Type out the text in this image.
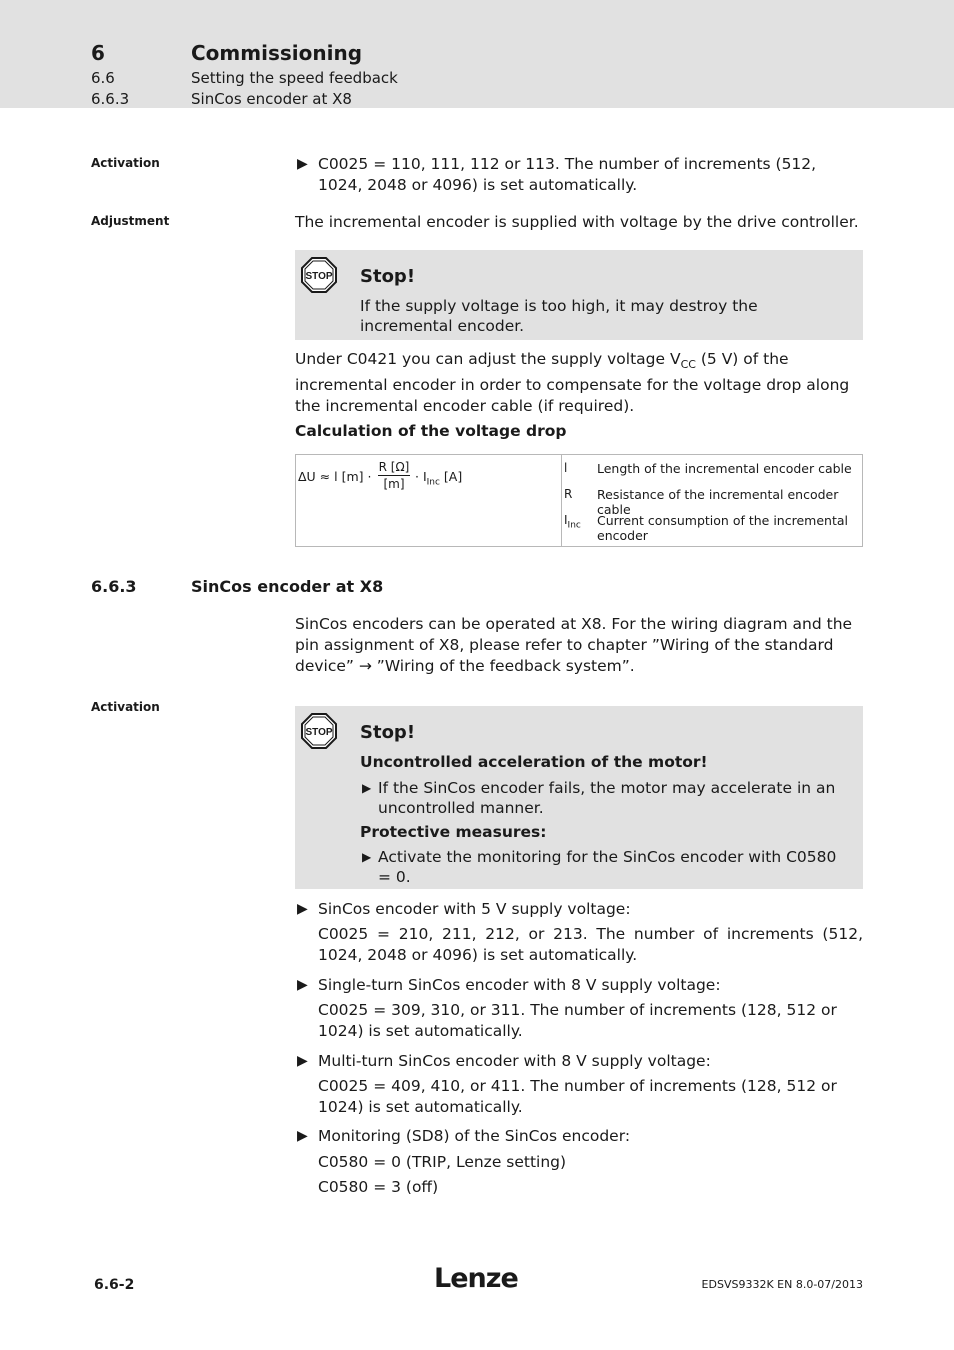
6	Commissioning
6.6	Setting the speed feedback
6.6.3	SinCos encoder at X8
Activation
Adjustment
Activation
▶ C0025 = 110, 111, 112 or 113. The number of increments (512, 1024, 2048 or 4096) is set automatically.
The incremental encoder is supplied with voltage by the drive controller.
STOP Stop!
If the supply voltage is too high, it may destroy the incremental encoder.
Under C0421 you can adjust the supply voltage $V_{CC}$ (5 V) of the incremental encoder in order to compensate for the voltage drop along the incremental encoder cable (if required).
Calculation of the voltage drop
ΔU ≈ l $[m] \cdot \frac{R [\Omega]}{[m]} \cdot I_{Inc}$ [A]
l Length of the incremental encoder cable
R Resistance of the incremental encoder cable
$I_{Inc}$ Current consumption of the incremental encoder
6.6.3	SinCos encoder at X8
SinCos encoders can be operated at X8. For the wiring diagram and the pin assignment of X8, please refer to chapter ”Wiring of the standard device” → ”Wiring of the feedback system”.
STOP Stop!
Uncontrolled acceleration of the motor!
▶ If the SinCos encoder fails, the motor may accelerate in an uncontrolled manner.
Protective measures:
▶ Activate the monitoring for the SinCos encoder with C0580 = 0.
▶ SinCos encoder with 5 V supply voltage:
C0025 = 210, 211, 212, or 213. The number of increments (512, 1024, 2048 or 4096) is set automatically.
▶ Single-turn SinCos encoder with 8 V supply voltage:
C0025 = 309, 310, or 311. The number of increments (128, 512 or 1024) is set automatically.
▶ Multi-turn SinCos encoder with 8 V supply voltage:
C0025 = 409, 410, or 411. The number of increments (128, 512 or 1024) is set automatically.
▶ Monitoring (SD8) of the SinCos encoder:
C0580 = 0 (TRIP, Lenze setting)
C0580 = 3 (off)
6.6-2	Lenze	EDSVS9332K EN 8.0-07/2013
